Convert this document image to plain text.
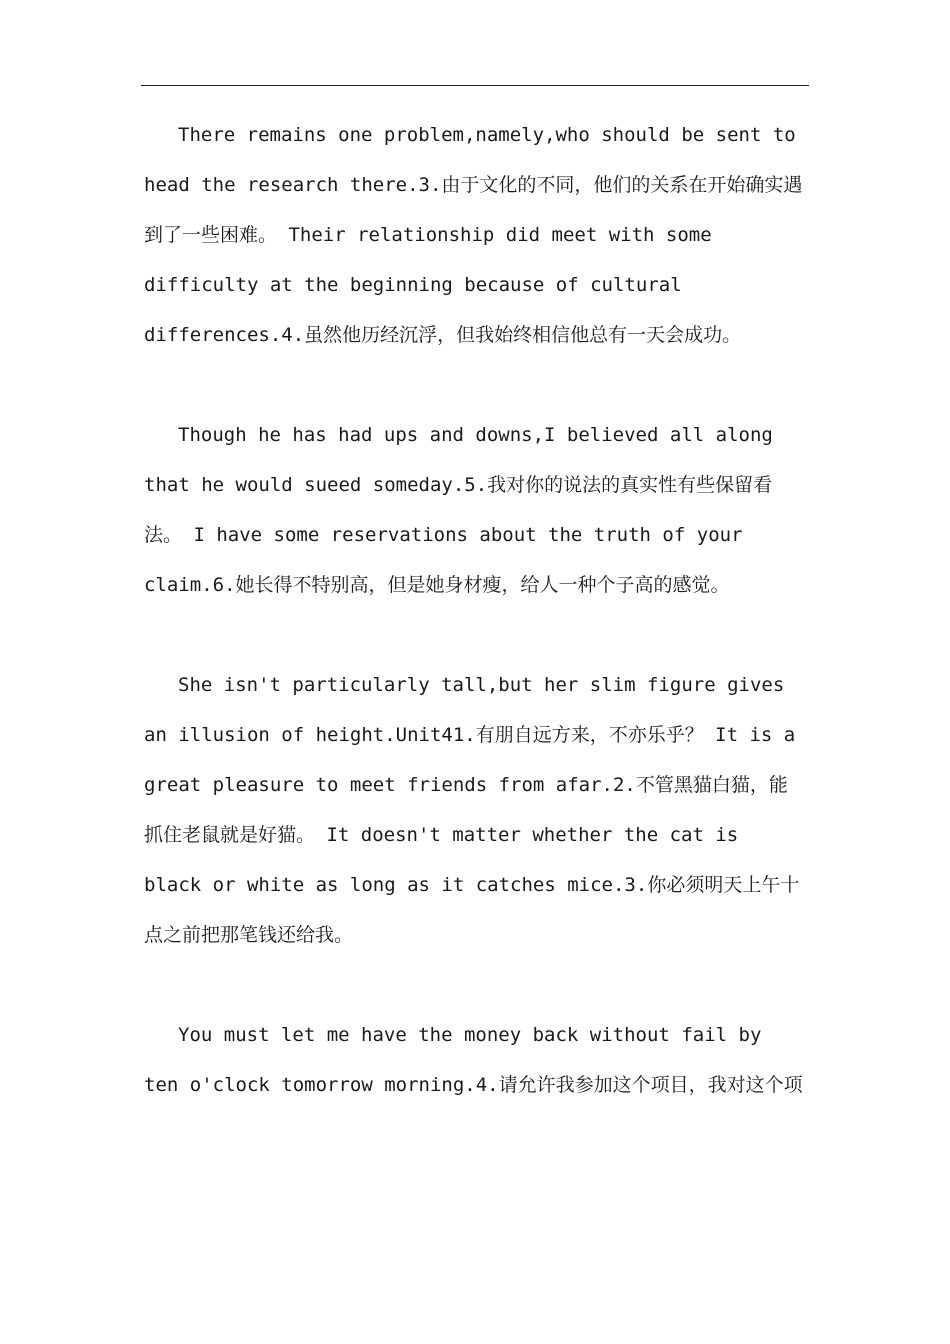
There remains one problem,namely,who should be sent to head the research there.3.由于文化的不同，他们的关系在开始确实遇到了一些困难。 Their relationship did meet with some difficulty at the beginning because of cultural differences.4.虽然他历经沉浮，但我始终相信他总有一天会成功。

Though he has had ups and downs,I believed all along that he would sueed someday.5.我对你的说法的真实性有些保留看法。 I have some reservations about the truth of your claim.6.她长得不特别高，但是她身材瘦，给人一种个子高的感觉。

She isn't particularly tall,but her slim figure gives an illusion of height.Unit41.有朋自远方来，不亦乐乎？ It is a great pleasure to meet friends from afar.2.不管黑猫白猫，能抓住老鼠就是好猫。 It doesn't matter whether the cat is black or white as long as it catches mice.3.你必须明天上午十点之前把那笔钱还给我。

You must let me have the money back without fail by ten o'clock tomorrow morning.4.请允许我参加这个项目，我对这个项
